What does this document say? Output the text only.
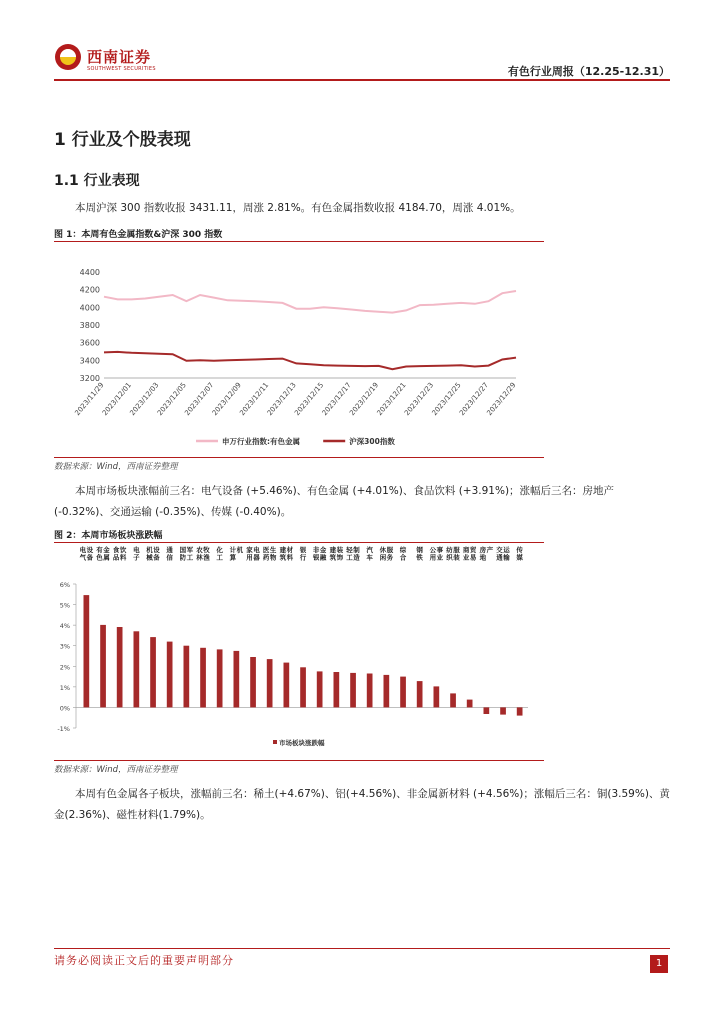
西南证券
SOUTHWEST SECURITIES	有色行业周报（12.25-12.31）
1 行业及个股表现
1.1 行业表现
本周沪深 300 指数收报 3431.11，周涨 2.81%。有色金属指数收报 4184.70，周涨 4.01%。
图 1：本周有色金属指数&沪深 300 指数
3200
3400
3600
3800
4000
4200
4400
2023/11/29
2023/12/01
2023/12/03
2023/12/05
2023/12/07
2023/12/09
2023/12/11
2023/12/13
2023/12/15
2023/12/17
2023/12/19
2023/12/21
2023/12/23
2023/12/25
2023/12/27
2023/12/29
申万行业指数:有色金属	沪深300指数
数据来源：Wind，西南证券整理
本周市场板块涨幅前三名：电气设备 (+5.46%)、有色金属 (+4.01%)、食品饮料 (+3.91%)；涨幅后三名：房地产 (-0.32%)、交通运输 (-0.35%)、传媒 (-0.40%)。
图 2：本周市场板块涨跌幅
-1%
0%
1%
2%
3%
4%
5%
6%
电气
设备
有色
金属
食品
饮料
电子
机械
设备
通信
国防
军工
农林
牧渔
化工
计算
机 家用
电器
医药
生物
建筑
材料
银行
非银
金融
建筑
装饰
轻工
制造
汽车
休闲
服务
综合
钢铁
公用
事业
纺织
服装
商业
贸易
房地
产 交通
运输
传媒
市场板块涨跌幅
数据来源：Wind，西南证券整理
本周有色金属各子板块，涨幅前三名：稀土(+4.67%)、铝(+4.56%)、非金属新材料 (+4.56%)；涨幅后三名：铜(3.59%)、黄金(2.36%)、磁性材料(1.79%)。
请务必阅读正文后的重要声明部分	1
